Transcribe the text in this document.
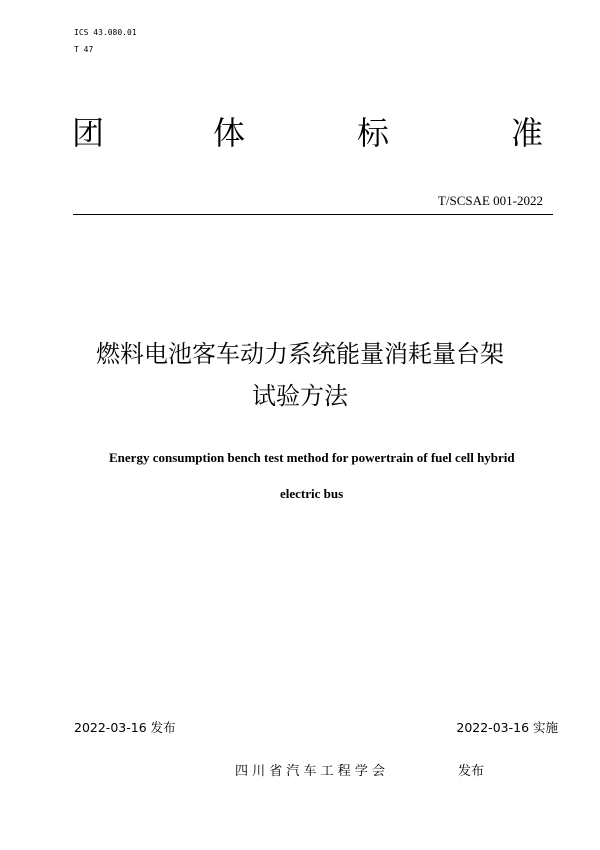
ICS 43.080.01
T 47
团	体	标	准
T/SCSAE 001-2022
燃料电池客车动力系统能量消耗量台架
试验方法
Energy consumption bench test method for powertrain of fuel cell hybrid
electric bus
2022-03-16 发布	2022-03-16 实施
四 川 省 汽 车 工 程 学 会	发布
